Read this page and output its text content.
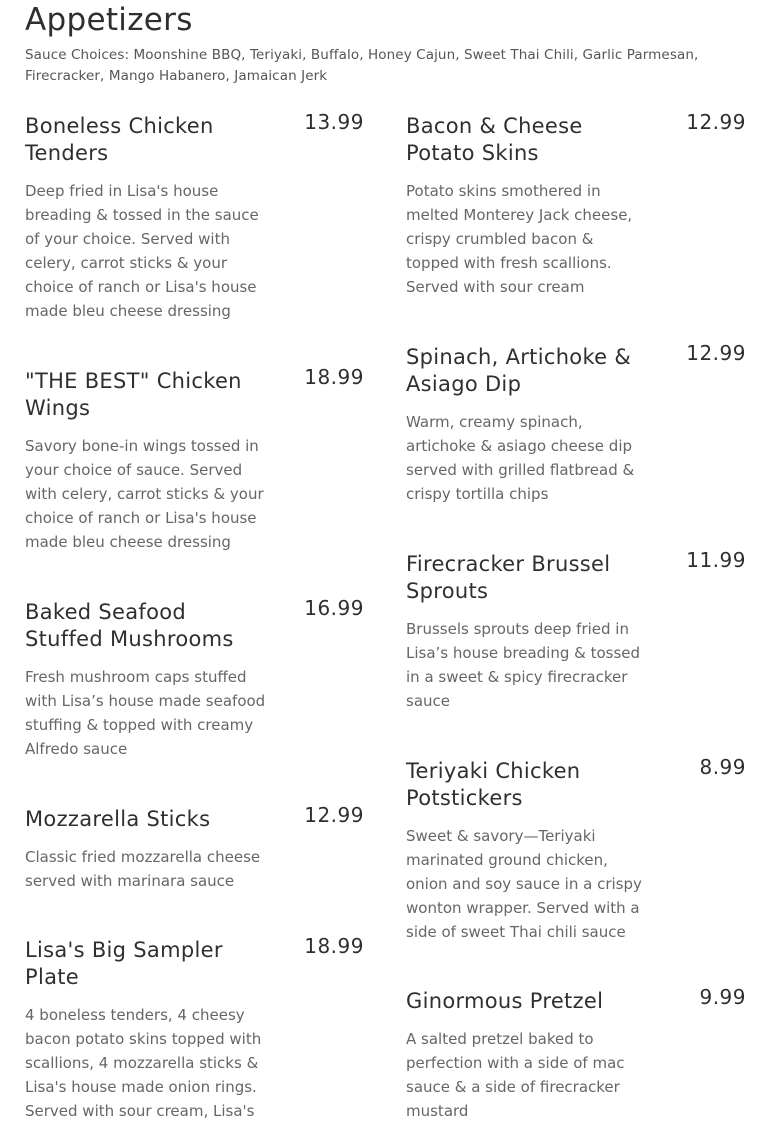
Appetizers
Sauce Choices: Moonshine BBQ, Teriyaki, Buffalo, Honey Cajun, Sweet Thai Chili, Garlic Parmesan, Firecracker, Mango Habanero, Jamaican Jerk
Boneless Chicken Tenders
13.99
Deep fried in Lisa's house breading & tossed in the sauce of your choice. Served with celery, carrot sticks & your choice of ranch or Lisa's house made bleu cheese dressing
"THE BEST" Chicken Wings
18.99
Savory bone-in wings tossed in your choice of sauce. Served with celery, carrot sticks & your choice of ranch or Lisa's house made bleu cheese dressing
Baked Seafood Stuffed Mushrooms
16.99
Fresh mushroom caps stuffed with Lisa’s house made seafood stuffing & topped with creamy Alfredo sauce
Mozzarella Sticks	12.99
Classic fried mozzarella cheese served with marinara sauce
Lisa's Big Sampler Plate
18.99
4 boneless tenders, 4 cheesy bacon potato skins topped with scallions, 4 mozzarella sticks & Lisa's house made onion rings. Served with sour cream, Lisa's
Bacon & Cheese Potato Skins
12.99
Potato skins smothered in melted Monterey Jack cheese, crispy crumbled bacon & topped with fresh scallions. Served with sour cream
Spinach, Artichoke & Asiago Dip
12.99
Warm, creamy spinach, artichoke & asiago cheese dip served with grilled flatbread & crispy tortilla chips
Firecracker Brussel Sprouts
11.99
Brussels sprouts deep fried in Lisa’s house breading & tossed in a sweet & spicy firecracker sauce
Teriyaki Chicken Potstickers
8.99
Sweet & savory—Teriyaki marinated ground chicken, onion and soy sauce in a crispy wonton wrapper. Served with a side of sweet Thai chili sauce
Ginormous Pretzel	9.99
A salted pretzel baked to perfection with a side of mac sauce & a side of firecracker mustard
